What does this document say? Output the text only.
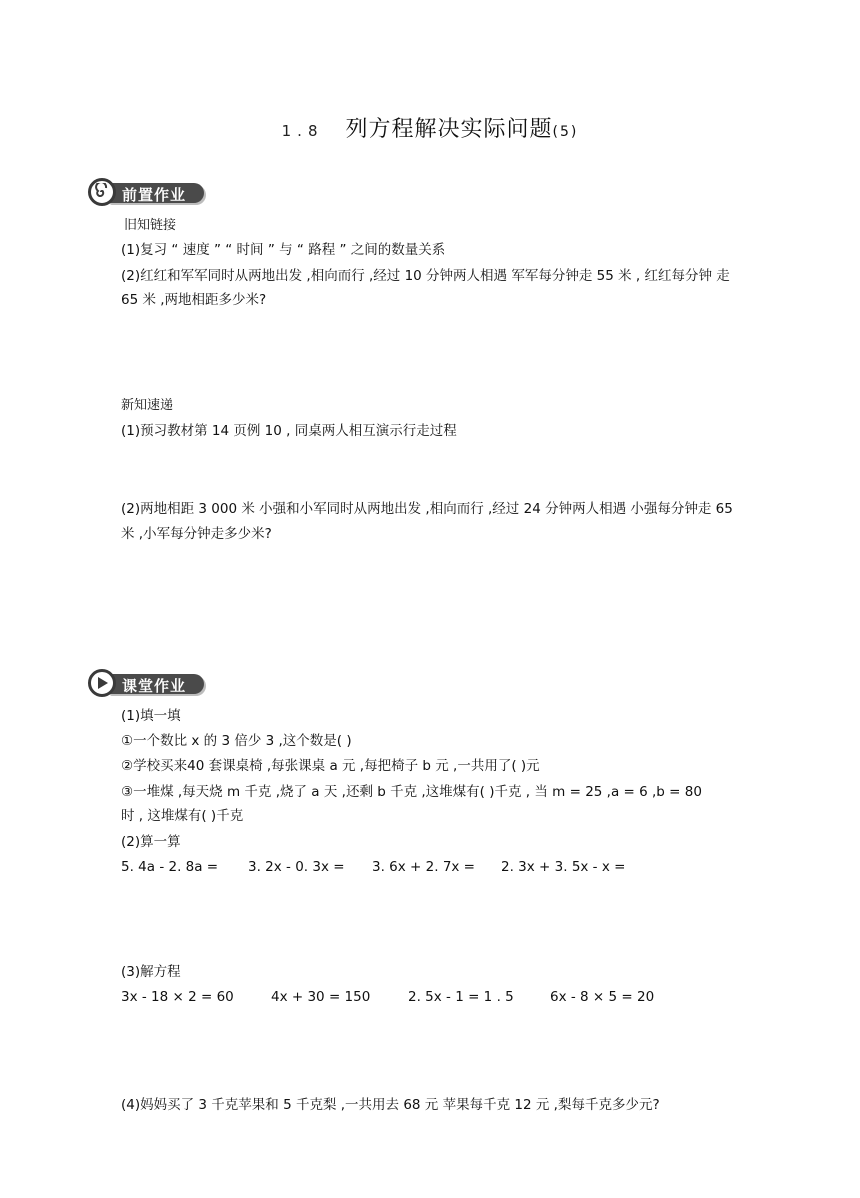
1.8 列方程解决实际问题(5)
前置作业
旧知链接
(1)复习 “ 速度 ” “ 时间 ” 与 “ 路程 ” 之间的数量关系
(2)红红和军军同时从两地出发 ,相向而行 ,经过 10 分钟两人相遇 军军每分钟走 55 米 , 红红每分钟 走
65 米 ,两地相距多少米?
新知速递
(1)预习教材第 14 页例 10 , 同桌两人相互演示行走过程
(2)两地相距 3 000 米 小强和小军同时从两地出发 ,相向而行 ,经过 24 分钟两人相遇 小强每分钟走 65
米 ,小军每分钟走多少米?
课堂作业
(1)填一填
①一个数比 x 的 3 倍少 3 ,这个数是( )
②学校买来40 套课桌椅 ,每张课桌 a 元 ,每把椅子 b 元 ,一共用了( )元
③一堆煤 ,每天烧 m 千克 ,烧了 a 天 ,还剩 b 千克 ,这堆煤有( )千克 , 当 m = 25 ,a = 6 ,b = 80
时 , 这堆煤有( )千克
(2)算一算
5. 4a - 2. 8a = 3. 2x - 0. 3x = 3. 6x + 2. 7x = 2. 3x + 3. 5x - x =
(3)解方程
3x - 18 × 2 = 60	4x + 30 = 150	2. 5x - 1 = 1 . 5	6x - 8 × 5 = 20
(4)妈妈买了 3 千克苹果和 5 千克梨 ,一共用去 68 元 苹果每千克 12 元 ,梨每千克多少元?
